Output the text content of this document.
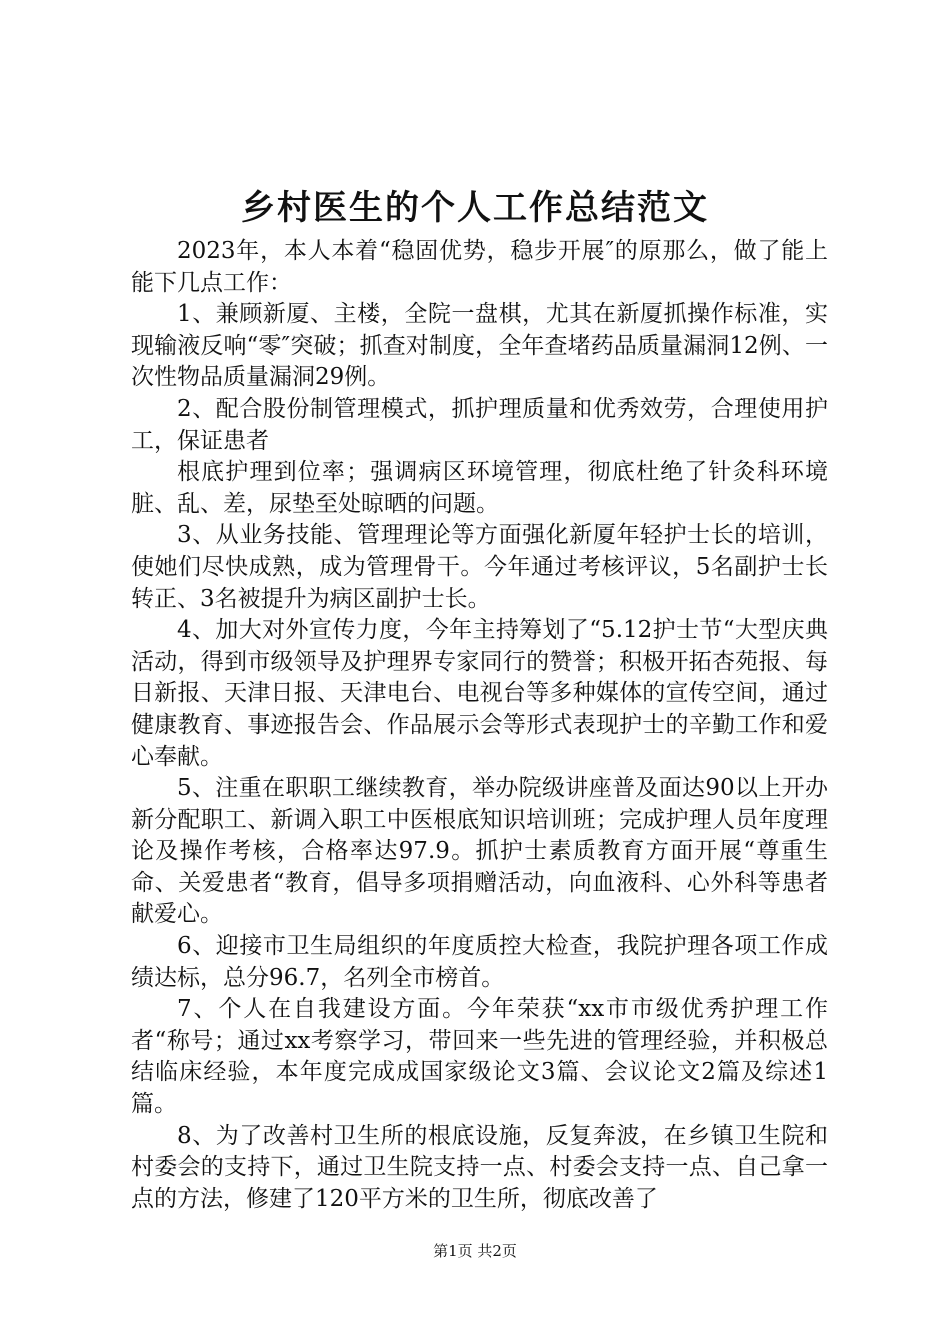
乡村医生的个人工作总结范文

2023年，本人本着“稳固优势，稳步开展″的原那么，做了能上能下几点工作：

1、兼顾新厦、主楼，全院一盘棋，尤其在新厦抓操作标准，实现输液反响“零″突破；抓查对制度，全年查堵药品质量漏洞12例、一次性物品质量漏洞29例。

2、配合股份制管理模式，抓护理质量和优秀效劳，合理使用护工，保证患者

根底护理到位率；强调病区环境管理，彻底杜绝了针灸科环境脏、乱、差，尿垫至处晾晒的问题。

3、从业务技能、管理理论等方面强化新厦年轻护士长的培训，使她们尽快成熟，成为管理骨干。今年通过考核评议，5名副护士长转正、3名被提升为病区副护士长。

4、加大对外宣传力度，今年主持筹划了“5.12护士节“大型庆典活动，得到市级领导及护理界专家同行的赞誉；积极开拓杏苑报、每日新报、天津日报、天津电台、电视台等多种媒体的宣传空间，通过健康教育、事迹报告会、作品展示会等形式表现护士的辛勤工作和爱心奉献。

5、注重在职职工继续教育，举办院级讲座普及面达90以上开办新分配职工、新调入职工中医根底知识培训班；完成护理人员年度理论及操作考核，合格率达97.9。抓护士素质教育方面开展“尊重生命、关爱患者“教育，倡导多项捐赠活动，向血液科、心外科等患者献爱心。

6、迎接市卫生局组织的年度质控大检查，我院护理各项工作成绩达标，总分96.7，名列全市榜首。

7、个人在自我建设方面。今年荣获“xx市市级优秀护理工作者“称号；通过xx考察学习，带回来一些先进的管理经验，并积极总结临床经验，本年度完成成国家级论文3篇、会议论文2篇及综述1篇。

8、为了改善村卫生所的根底设施，反复奔波，在乡镇卫生院和村委会的支持下，通过卫生院支持一点、村委会支持一点、自己拿一点的方法，修建了120平方米的卫生所，彻底改善了

第1页 共2页
